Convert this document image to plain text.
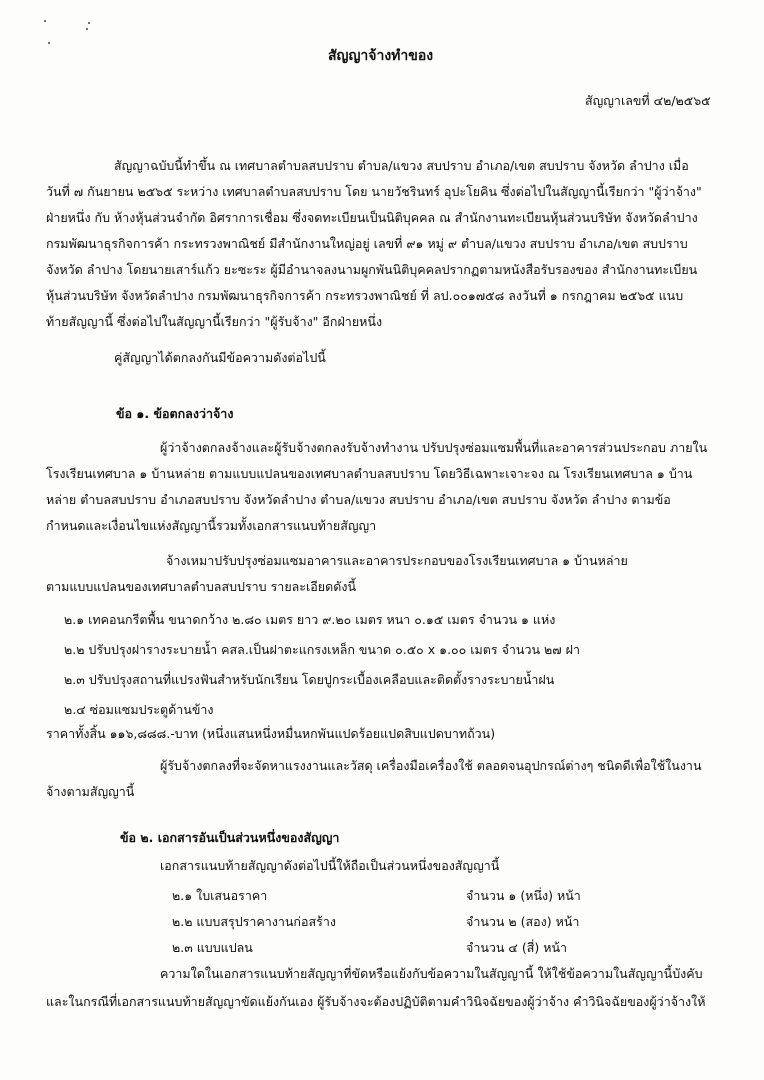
สัญญาจ้างทำของ
สัญญาเลขที่ ๔๒/๒๕๖๕
สัญญาฉบับนี้ทำขึ้น ณ เทศบาลตำบลสบปราบ ตำบล/แขวง สบปราบ อำเภอ/เขต สบปราบ จังหวัด ลำปาง เมื่อ
วันที่ ๗ กันยายน ๒๕๖๕ ระหว่าง เทศบาลตำบลสบปราบ โดย นายวัชรินทร์ อุปะโยคิน ซึ่งต่อไปในสัญญานี้เรียกว่า "ผู้ว่าจ้าง"
ฝ่ายหนึ่ง กับ ห้างหุ้นส่วนจำกัด อิศราการเชื่อม ซึ่งจดทะเบียนเป็นนิติบุคคล ณ สำนักงานทะเบียนหุ้นส่วนบริษัท จังหวัดลำปาง
กรมพัฒนาธุรกิจการค้า กระทรวงพาณิชย์ มีสำนักงานใหญ่อยู่ เลขที่ ๙๑ หมู่ ๙ ตำบล/แขวง สบปราบ อำเภอ/เขต สบปราบ
จังหวัด ลำปาง โดยนายเสาร์แก้ว ยะซะระ ผู้มีอำนาจลงนามผูกพันนิติบุคคลปรากฏตามหนังสือรับรองของ สำนักงานทะเบียน
หุ้นส่วนบริษัท จังหวัดลำปาง กรมพัฒนาธุรกิจการค้า กระทรวงพาณิชย์ ที่ ลป.๐๐๑๗๕๘ ลงวันที่ ๑ กรกฎาคม ๒๕๖๕ แนบ
ท้ายสัญญานี้ ซึ่งต่อไปในสัญญานี้เรียกว่า "ผู้รับจ้าง" อีกฝ่ายหนึ่ง
คู่สัญญาได้ตกลงกันมีข้อความดังต่อไปนี้
ข้อ ๑. ข้อตกลงว่าจ้าง
ผู้ว่าจ้างตกลงจ้างและผู้รับจ้างตกลงรับจ้างทำงาน ปรับปรุงซ่อมแซมพื้นที่และอาคารส่วนประกอบ ภายใน
โรงเรียนเทศบาล ๑ บ้านหล่าย ตามแบบแปลนของเทศบาลตำบลสบปราบ โดยวิธีเฉพาะเจาะจง ณ โรงเรียนเทศบาล ๑ บ้าน
หล่าย ตำบลสบปราบ อำเภอสบปราบ จังหวัดลำปาง ตำบล/แขวง สบปราบ อำเภอ/เขต สบปราบ จังหวัด ลำปาง ตามข้อ
กำหนดและเงื่อนไขแห่งสัญญานี้รวมทั้งเอกสารแนบท้ายสัญญา
จ้างเหมาปรับปรุงซ่อมแซมอาคารและอาคารประกอบของโรงเรียนเทศบาล ๑ บ้านหล่าย
ตามแบบแปลนของเทศบาลตำบลสบปราบ รายละเอียดดังนี้
๒.๑ เทคอนกรีตพื้น ขนาดกว้าง ๒.๘๐ เมตร ยาว ๙.๒๐ เมตร หนา ๐.๑๕ เมตร จำนวน ๑ แห่ง
๒.๒ ปรับปรุงฝารางระบายน้ำ คสล.เป็นฝาตะแกรงเหล็ก ขนาด ๐.๕๐ x ๑.๐๐ เมตร จำนวน ๒๗ ฝา
๒.๓ ปรับปรุงสถานที่แปรงฟันสำหรับนักเรียน โดยปูกระเบื้องเคลือบและติดตั้งรางระบายน้ำฝน
๒.๔ ซ่อมแซมประตูด้านข้าง
ราคาทั้งสิ้น ๑๑๖,๘๘๘.-บาท (หนึ่งแสนหนึ่งหมื่นหกพันแปดร้อยแปดสิบแปดบาทถ้วน)
ผู้รับจ้างตกลงที่จะจัดหาแรงงานและวัสดุ เครื่องมือเครื่องใช้ ตลอดจนอุปกรณ์ต่างๆ ชนิดดีเพื่อใช้ในงาน
จ้างตามสัญญานี้
ข้อ ๒. เอกสารอันเป็นส่วนหนึ่งของสัญญา
เอกสารแนบท้ายสัญญาดังต่อไปนี้ให้ถือเป็นส่วนหนึ่งของสัญญานี้
๒.๑ ใบเสนอราคา	จำนวน ๑ (หนึ่ง) หน้า
๒.๒ แบบสรุปราคางานก่อสร้าง	จำนวน ๒ (สอง) หน้า
๒.๓ แบบแปลน	จำนวน ๔ (สี่) หน้า
ความใดในเอกสารแนบท้ายสัญญาที่ขัดหรือแย้งกับข้อความในสัญญานี้ ให้ใช้ข้อความในสัญญานี้บังคับ
และในกรณีที่เอกสารแนบท้ายสัญญาขัดแย้งกันเอง ผู้รับจ้างจะต้องปฏิบัติตามคำวินิจฉัยของผู้ว่าจ้าง คำวินิจฉัยของผู้ว่าจ้างให้
